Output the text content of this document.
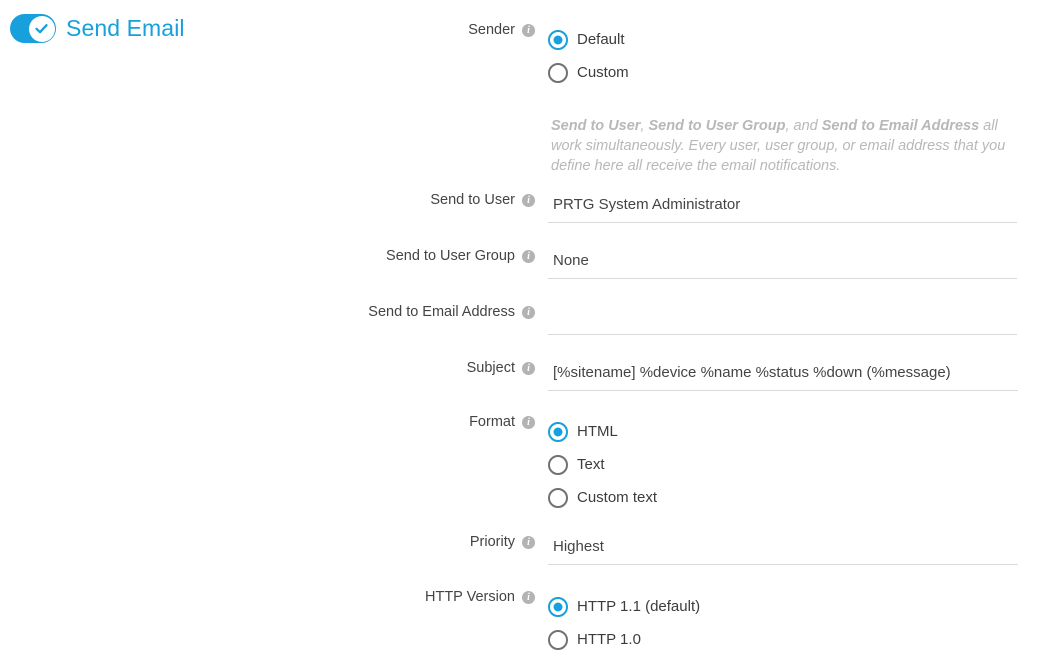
Send Email	Sender	i
Default
Custom
Send to User, Send to User Group, and Send to Email Address all work simultaneously. Every user, user group, or email address that you define here all receive the email notifications.
Send to User	i
PRTG System Administrator
Send to User Group	i
None
Send to Email Address	i
Subject	i
[%sitename] %device %name %status %down (%message)
Format	i
HTML
Text
Custom text
Priority	i
Highest
HTTP Version	i
HTTP 1.1 (default)
HTTP 1.0
